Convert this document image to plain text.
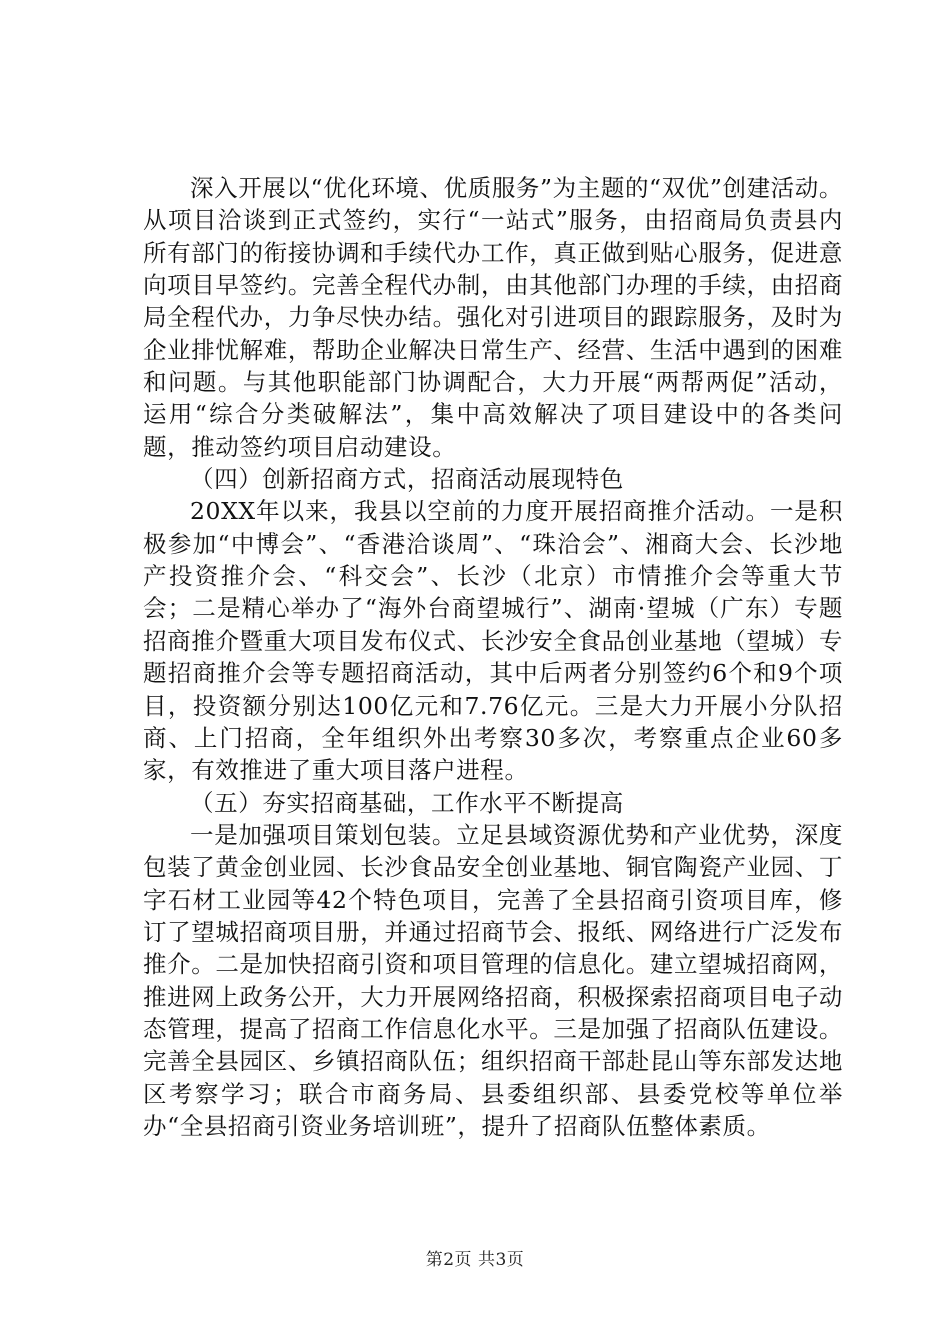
深入开展以“优化环境、优质服务”为主题的“双优”创建活动。从项目洽谈到正式签约，实行“一站式”服务，由招商局负责县内所有部门的衔接协调和手续代办工作，真正做到贴心服务，促进意向项目早签约。完善全程代办制，由其他部门办理的手续，由招商局全程代办，力争尽快办结。强化对引进项目的跟踪服务，及时为企业排忧解难，帮助企业解决日常生产、经营、生活中遇到的困难和问题。与其他职能部门协调配合，大力开展“两帮两促”活动，运用“综合分类破解法”，集中高效解决了项目建设中的各类问题，推动签约项目启动建设。

（四）创新招商方式，招商活动展现特色

20XX年以来，我县以空前的力度开展招商推介活动。一是积极参加“中博会”、“香港洽谈周”、“珠洽会”、湘商大会、长沙地产投资推介会、“科交会”、长沙（北京）市情推介会等重大节会；二是精心举办了“海外台商望城行”、湖南·望城（广东）专题招商推介暨重大项目发布仪式、长沙安全食品创业基地（望城）专题招商推介会等专题招商活动，其中后两者分别签约6个和9个项目，投资额分别达100亿元和7.76亿元。三是大力开展小分队招商、上门招商，全年组织外出考察30多次，考察重点企业60多家，有效推进了重大项目落户进程。

（五）夯实招商基础，工作水平不断提高

一是加强项目策划包装。立足县域资源优势和产业优势，深度包装了黄金创业园、长沙食品安全创业基地、铜官陶瓷产业园、丁字石材工业园等42个特色项目，完善了全县招商引资项目库，修订了望城招商项目册，并通过招商节会、报纸、网络进行广泛发布推介。二是加快招商引资和项目管理的信息化。建立望城招商网，推进网上政务公开，大力开展网络招商，积极探索招商项目电子动态管理，提高了招商工作信息化水平。三是加强了招商队伍建设。完善全县园区、乡镇招商队伍；组织招商干部赴昆山等东部发达地区考察学习；联合市商务局、县委组织部、县委党校等单位举办“全县招商引资业务培训班”，提升了招商队伍整体素质。

第2页 共3页
